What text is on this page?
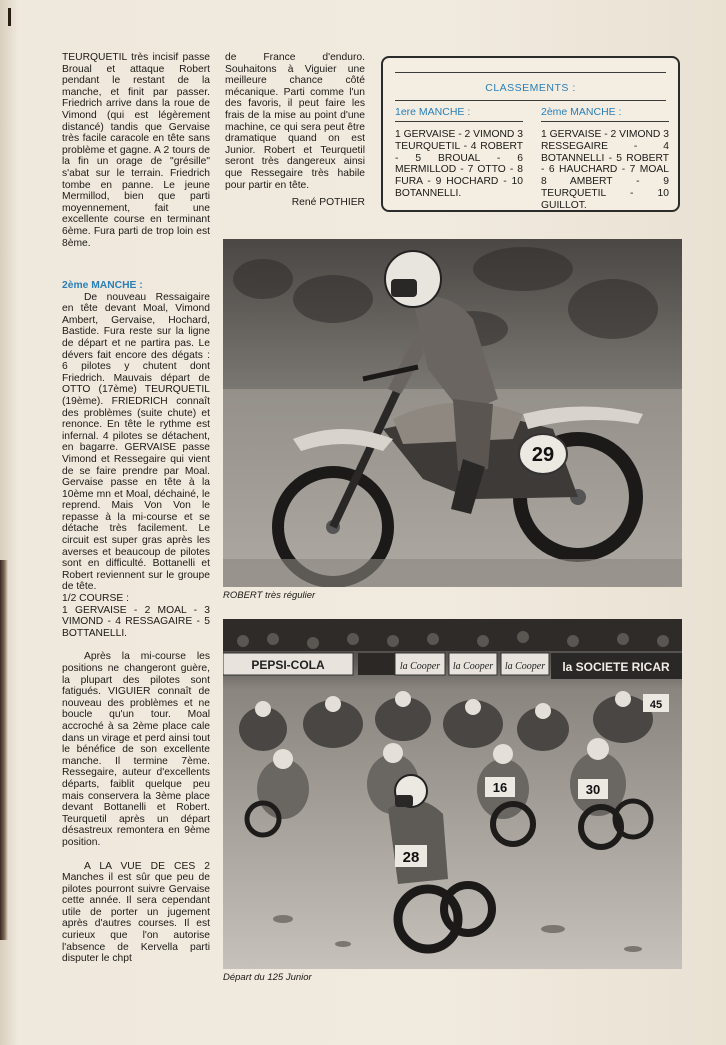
TEURQUETIL très incisif passe Broual et attaque Robert pendant le restant de la manche, et finit par passer. Friedrich arrive dans la roue de Vimond (qui est légèrement distancé) tandis que Gervaise très facile caracole en tête sans problème et gagne. A 2 tours de la fin un orage de "grésille" s'abat sur le terrain. Friedrich tombe en panne. Le jeune Mermillod, bien que parti moyennement, fait une excellente course en terminant 6ème. Fura parti de trop loin est 8ème.

2ème MANCHE :

De nouveau Ressaigaire en tête devant Moal, Vimond Ambert, Gervaise, Hochard, Bastide. Fura reste sur la ligne de départ et ne partira pas. Le dévers fait encore des dégats : 6 pilotes y chutent dont Friedrich. Mauvais départ de OTTO (17ème) TEURQUETIL (19ème). FRIEDRICH connaît des problèmes (suite chute) et renonce. En tête le rythme est infernal. 4 pilotes se détachent, en bagarre. GERVAISE passe Vimond et Ressegaire qui vient de se faire prendre par Moal. Gervaise passe en tête à la 10ème mn et Moal, déchainé, le reprend. Mais Von Von le repasse à la mi-course et se détache très facilement. Le circuit est super gras après les averses et beaucoup de pilotes sont en difficulté. Bottanelli et Robert reviennent sur le groupe de tête.

1/2 COURSE :

1 GERVAISE - 2 MOAL - 3 VIMOND - 4 RESSAGAIRE - 5 BOTTANELLI.

Après la mi-course les positions ne changeront guère, la plupart des pilotes sont fatigués. VIGUIER connaît de nouveau des problèmes et ne boucle qu'un tour. Moal accroché à sa 2ème place cale dans un virage et perd ainsi tout le bénéfice de son excellente manche. Il termine 7ème. Ressegaire, auteur d'excellents départs, faiblit quelque peu mais conservera la 3ème place devant Bottanelli et Robert. Teurquetil après un départ désastreux remontera en 9ème position.

A LA VUE DE CES 2 Manches il est sûr que peu de pilotes pourront suivre Gervaise cette année. Il sera cependant utile de porter un jugement après d'autres courses. Il est curieux que l'on autorise l'absence de Kervella parti disputer le chpt

de France d'enduro. Souhaitons à Viguier une meilleure chance côté mécanique. Parti comme l'un des favoris, il peut faire les frais de la mise au point d'une machine, ce qui sera peut être dramatique quand on est Junior. Robert et Teurquetil seront très dangereux ainsi que Ressegaire très habile pour partir en tête.

René POTHIER

CLASSEMENTS :
1ere MANCHE :
1 GERVAISE - 2 VIMOND 3 TEURQUETIL - 4 ROBERT - 5 BROUAL - 6 MERMILLOD - 7 OTTO - 8 FURA - 9 HOCHARD - 10 BOTANNELLI.
2ème MANCHE :
1 GERVAISE - 2 VIMOND 3 RESSEGAIRE - 4 BOTANNELLI - 5 ROBERT - 6 HAUCHARD - 7 MOAL 8 AMBERT - 9 TEURQUETIL - 10 GUILLOT.
29
ROBERT très régulier
PEPSI-COLA	la Cooper la Cooper la Cooper la SOCIETE RICAR
16	30
45
28
Départ du 125 Junior
